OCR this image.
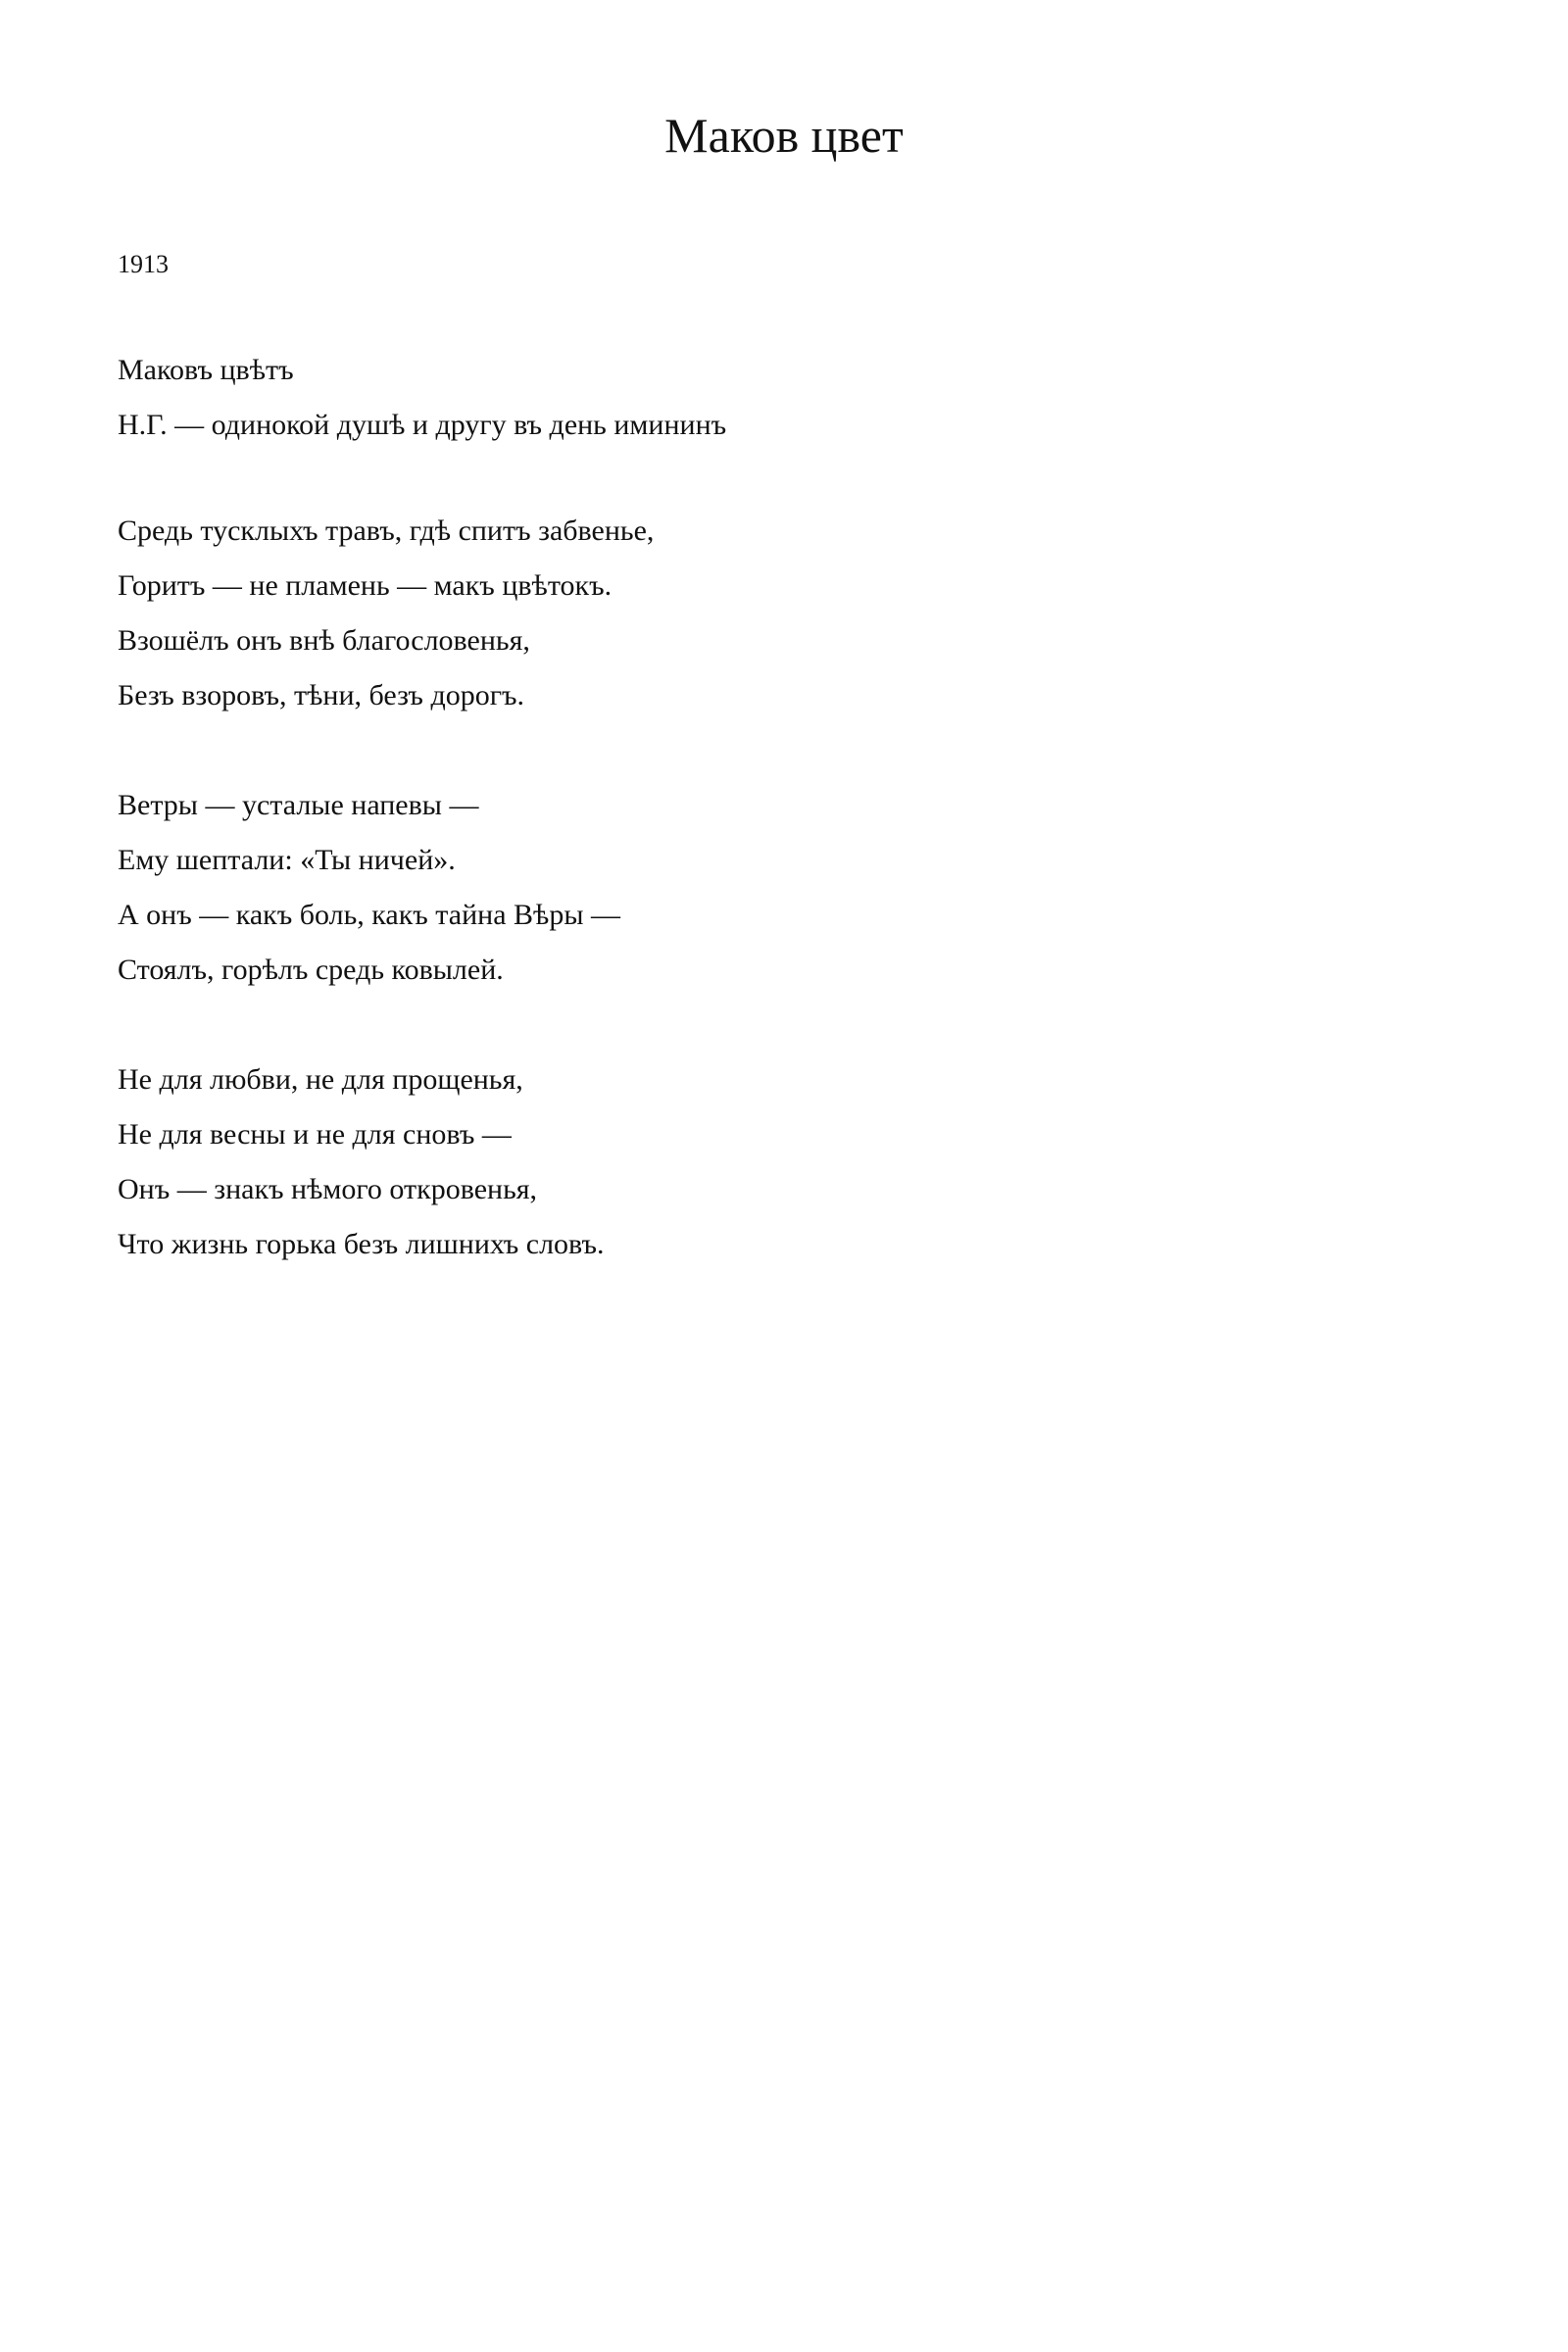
Маков цвет
1913
Маковъ цвѣтъ
Н.Г. — одинокой душѣ и другу въ день имининъ
Средь тусклыхъ травъ, гдѣ спитъ забвенье,
Горитъ — не пламень — макъ цвѣтокъ.
Взошёлъ онъ внѣ благословенья,
Безъ взоровъ, тѣни, безъ дорогъ.
Ветры — усталые напевы —
Ему шептали: «Ты ничей».
А онъ — какъ боль, какъ тайна Вѣры —
Стоялъ, горѣлъ средь ковылей.
Не для любви, не для прощенья,
Не для весны и не для сновъ —
Онъ — знакъ нѣмого откровенья,
Что жизнь горька безъ лишнихъ словъ.
